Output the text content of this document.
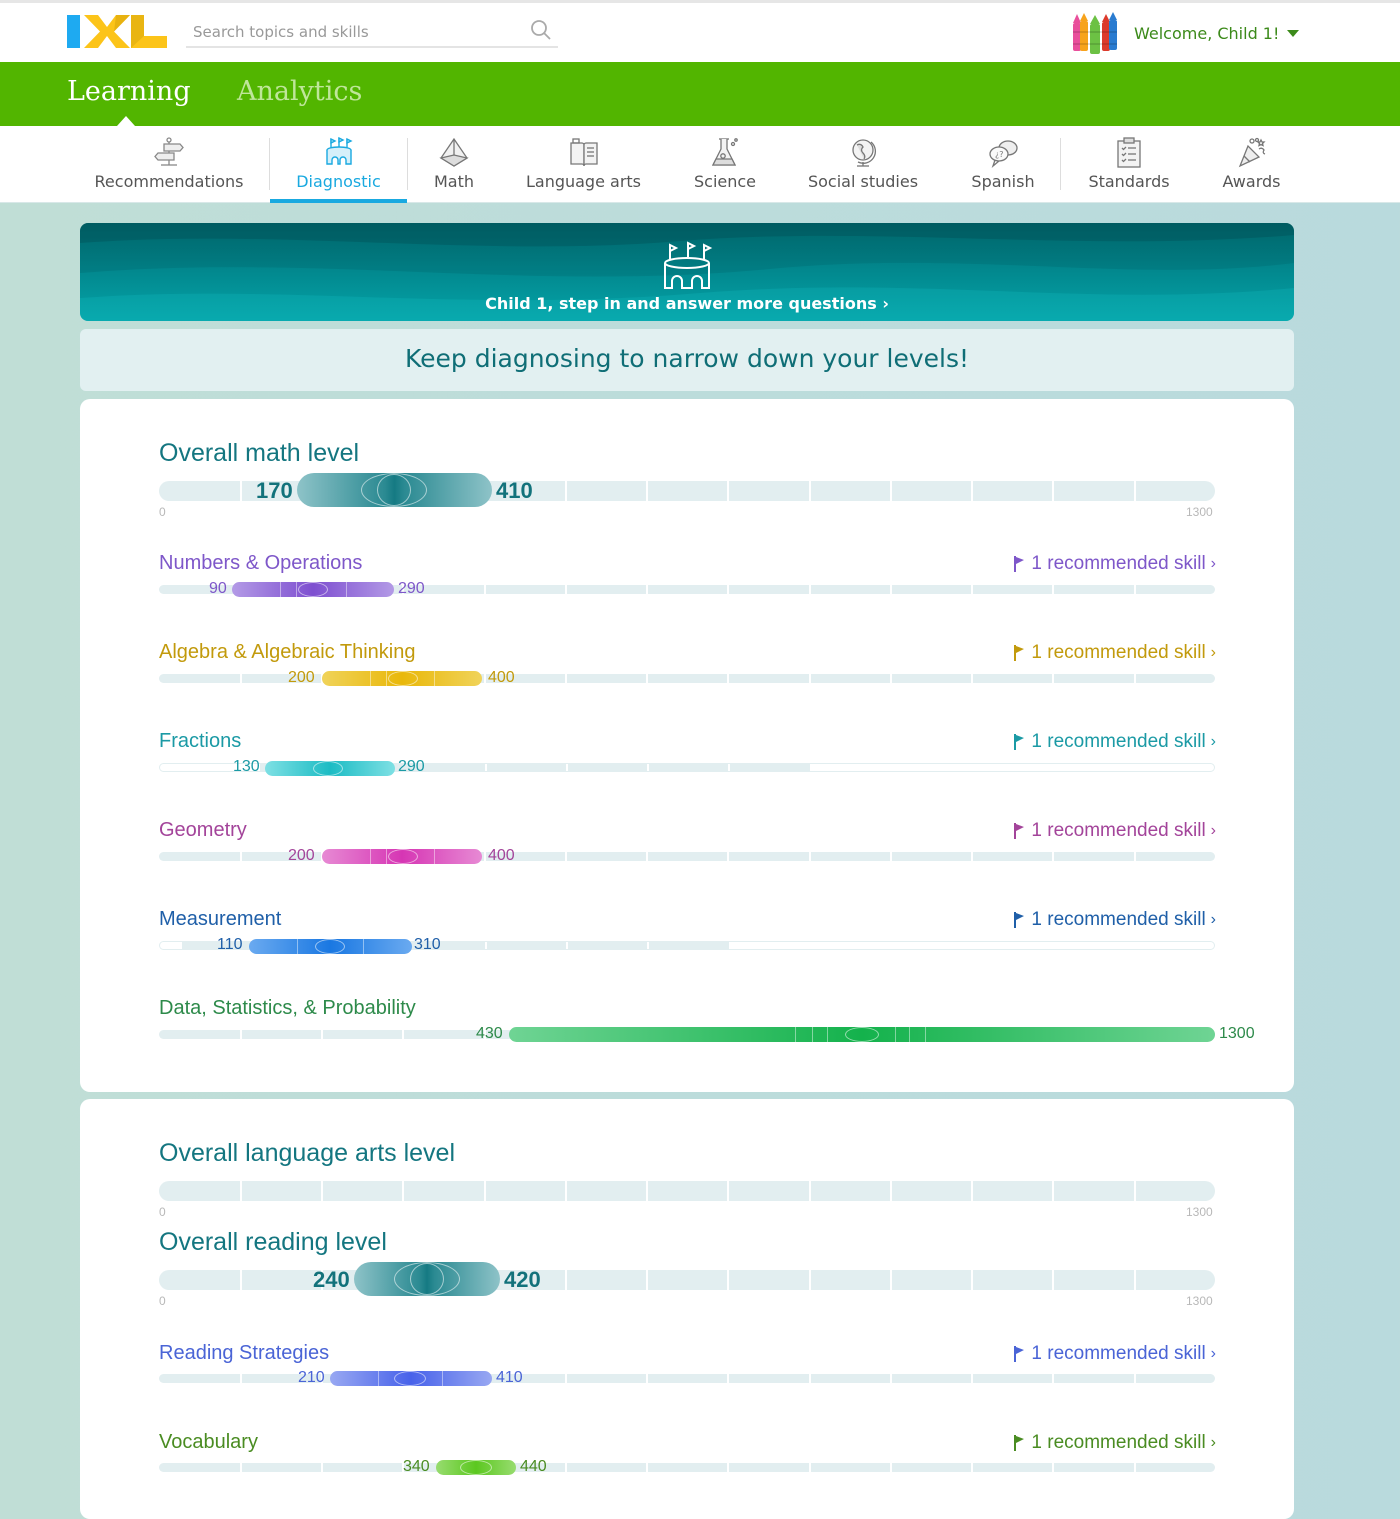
Search topics and skills
Welcome, Child 1!
Learning Analytics
Recommendations	Diagnostic	Math	Language arts	Science	Social studies
¿?
Spanish	Standards	Awards
Child 1, step in and answer more questions ›
Keep diagnosing to narrow down your levels!
Overall math level
170	410
0	1300
Numbers & Operations	1 recommended skill ›
90	290
Algebra & Algebraic Thinking	1 recommended skill ›
200	400
Fractions	1 recommended skill ›
130	290
Geometry	1 recommended skill ›
200	400
Measurement	1 recommended skill ›
110	310
Data, Statistics, & Probability
430	1300
Overall language arts level
0	1300
Overall reading level
240	420
0	1300
Reading Strategies	1 recommended skill ›
210	410
Vocabulary	1 recommended skill ›
340	440
